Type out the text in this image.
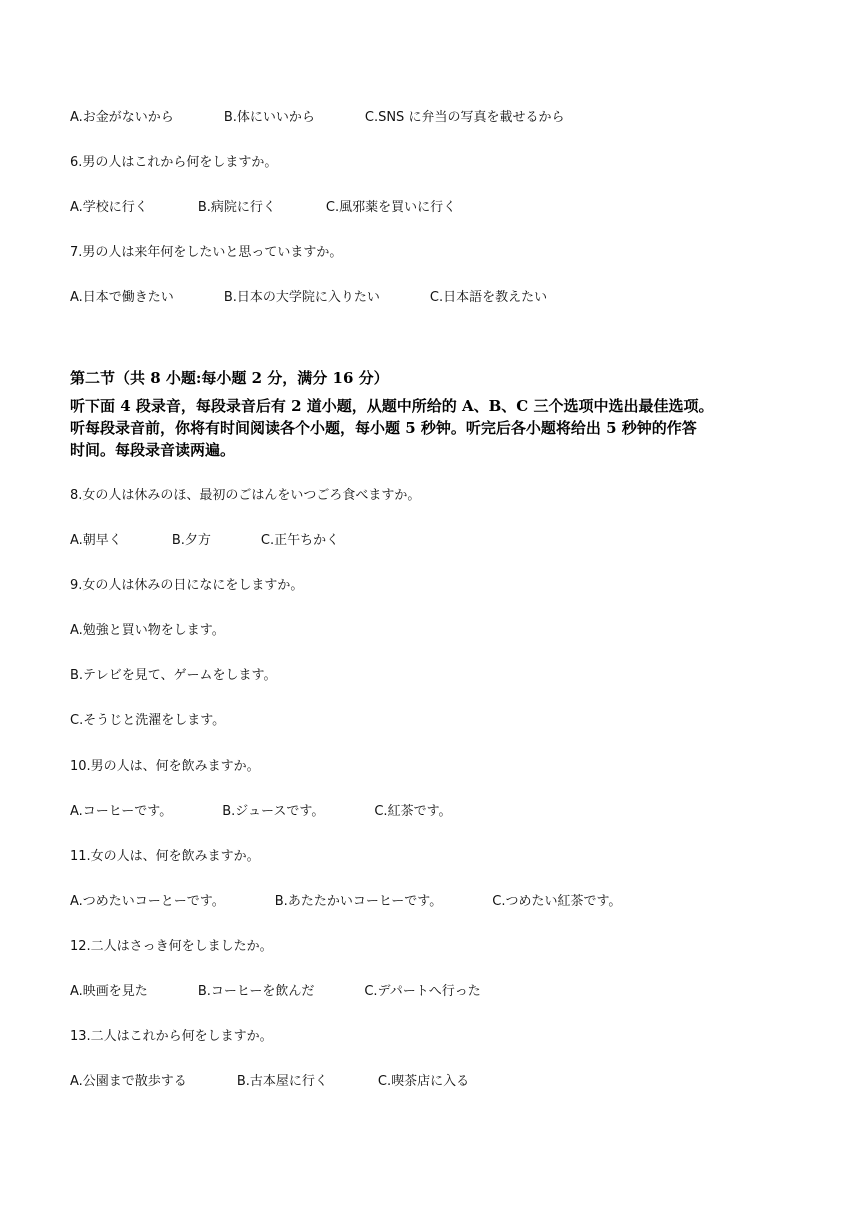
A.お金がないから	B.体にいいから	C.SNS に弁当の写真を載せるから
6.男の人はこれから何をしますか。
A.学校に行く	B.病院に行く	C.風邪薬を買いに行く
7.男の人は来年何をしたいと思っていますか。
A.日本で働きたい	B.日本の大学院に入りたい	C.日本語を教えたい
第二节（共 8 小题:每小题 2 分，满分 16 分）
听下面 4 段录音，每段录音后有 2 道小题，从题中所给的 A、B、C 三个选项中选出最佳选项。
听每段录音前，你将有时间阅读各个小题，每小题 5 秒钟。听完后各小题将给出 5 秒钟的作答
时间。每段录音读两遍。
8.女の人は休みのほ、最初のごはんをいつごろ食べますか。
A.朝早く	B.夕方	C.正午ちかく
9.女の人は休みの日になにをしますか。
A.勉強と買い物をします。
B.テレビを見て、ゲームをします。
C.そうじと洗濯をします。
10.男の人は、何を飲みますか。
A.コーヒーです。	B.ジュースです。	C.紅茶です。
11.女の人は、何を飲みますか。
A.つめたいコーとーです。	B.あたたかいコーヒーです。	C.つめたい紅茶です。
12.二人はさっき何をしましたか。
A.映画を見た	B.コーヒーを飲んだ	C.デパートへ行った
13.二人はこれから何をしますか。
A.公園まで散歩する	B.古本屋に行く	C.喫茶店に入る
